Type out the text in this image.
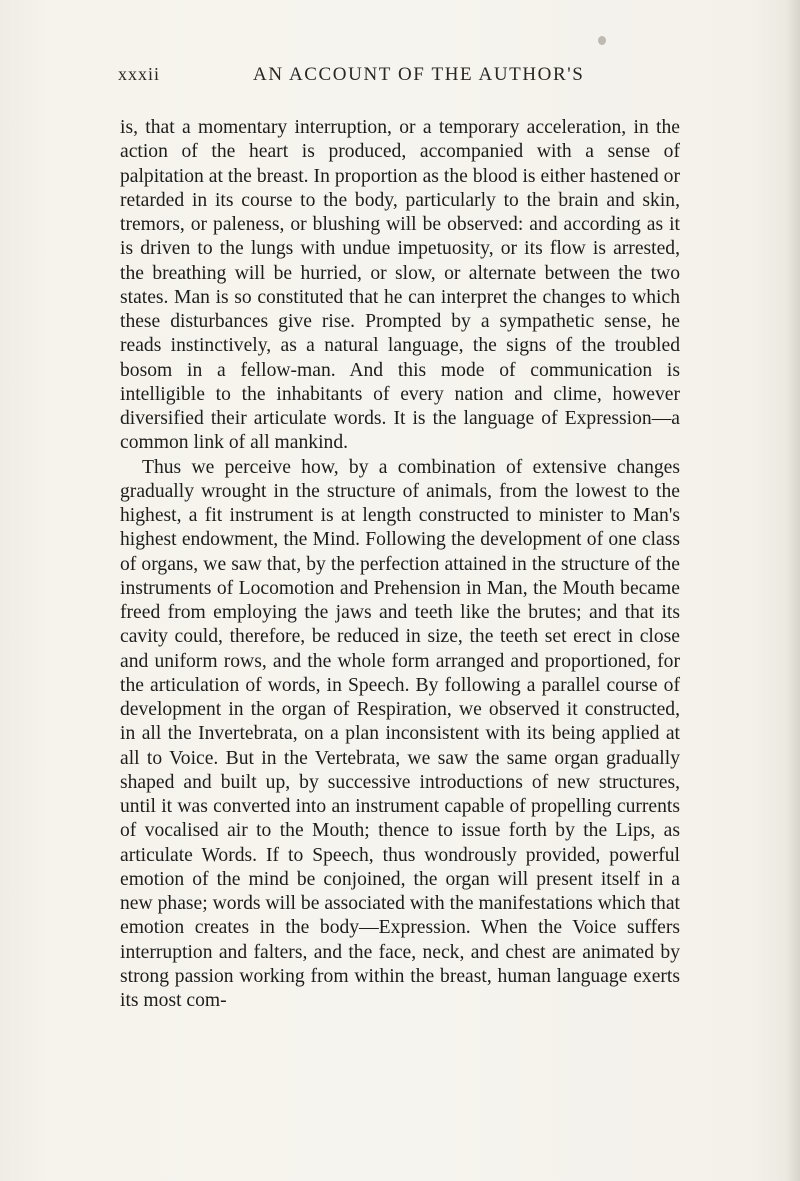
xxxii	AN ACCOUNT OF THE AUTHOR'S

is, that a momentary interruption, or a temporary acceleration, in the action of the heart is produced, accompanied with a sense of palpitation at the breast. In proportion as the blood is either hastened or retarded in its course to the body, particularly to the brain and skin, tremors, or paleness, or blushing will be observed: and according as it is driven to the lungs with undue impetuosity, or its flow is arrested, the breathing will be hurried, or slow, or alternate between the two states. Man is so constituted that he can interpret the changes to which these disturbances give rise. Prompted by a sympathetic sense, he reads instinctively, as a natural language, the signs of the troubled bosom in a fellow-man. And this mode of communication is intelligible to the inhabitants of every nation and clime, however diversified their articulate words. It is the language of Expression—a common link of all mankind.

Thus we perceive how, by a combination of extensive changes gradually wrought in the structure of animals, from the lowest to the highest, a fit instrument is at length constructed to minister to Man's highest endowment, the Mind. Following the development of one class of organs, we saw that, by the perfection attained in the structure of the instruments of Locomotion and Prehension in Man, the Mouth became freed from employing the jaws and teeth like the brutes; and that its cavity could, therefore, be reduced in size, the teeth set erect in close and uniform rows, and the whole form arranged and proportioned, for the articulation of words, in Speech. By following a parallel course of development in the organ of Respiration, we observed it constructed, in all the Invertebrata, on a plan inconsistent with its being applied at all to Voice. But in the Vertebrata, we saw the same organ gradually shaped and built up, by successive introductions of new structures, until it was converted into an instrument capable of propelling currents of vocalised air to the Mouth; thence to issue forth by the Lips, as articulate Words. If to Speech, thus wondrously provided, powerful emotion of the mind be conjoined, the organ will present itself in a new phase; words will be associated with the manifestations which that emotion creates in the body—Expression. When the Voice suffers interruption and falters, and the face, neck, and chest are animated by strong passion working from within the breast, human language exerts its most com-
